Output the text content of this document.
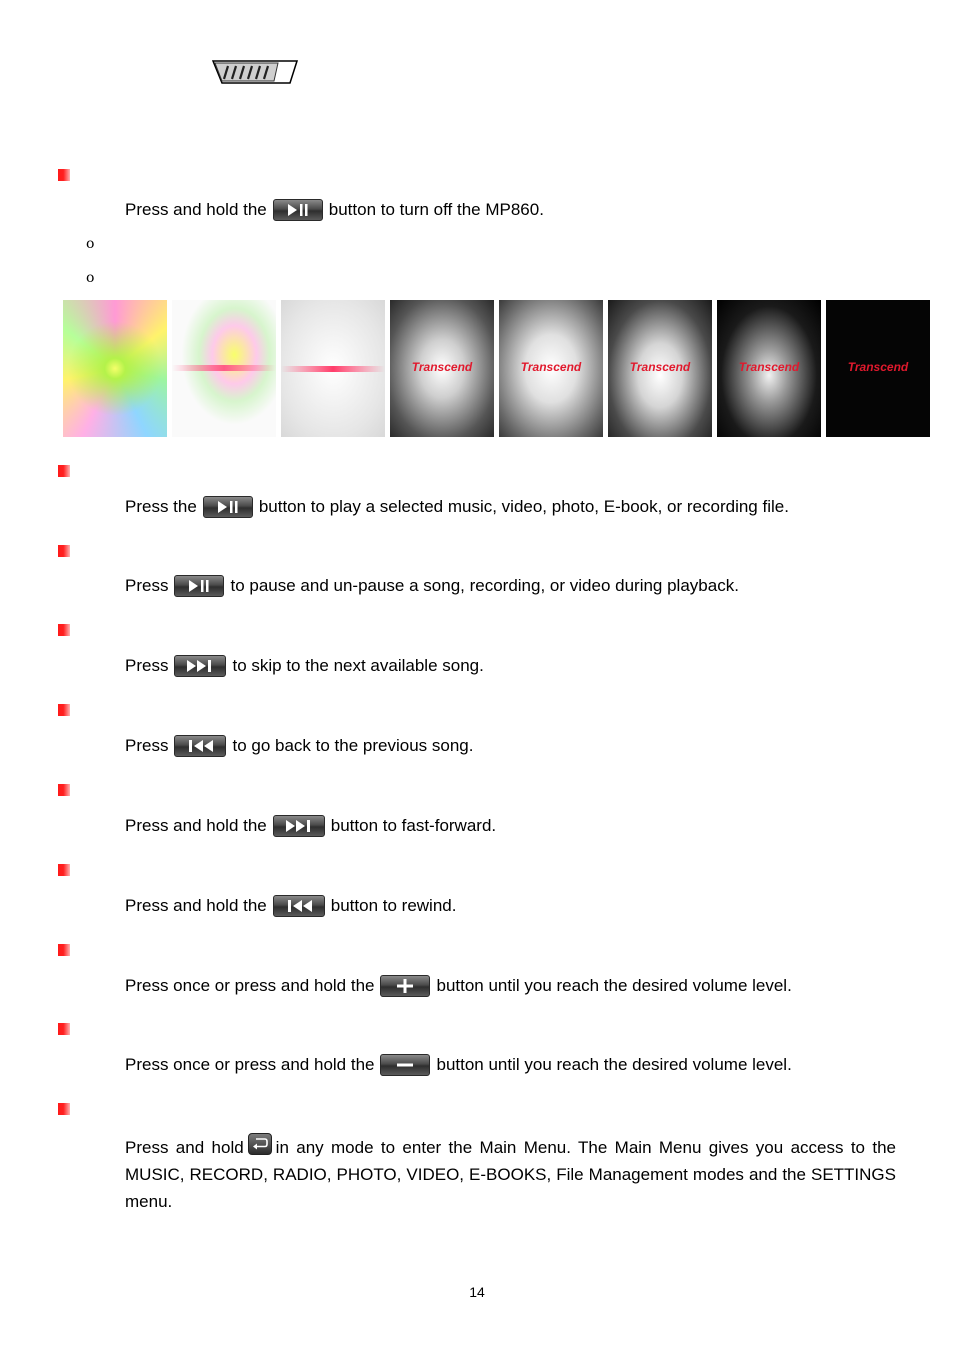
Press and hold the	button to turn off the MP860.
o
o
Transcend	Transcend	Transcend	Transcend	Transcend
Press the	button to play a selected music, video, photo, E-book, or recording file.
Press	to pause and un-pause a song, recording, or video during playback.
Press	to skip to the next available song.
Press	to go back to the previous song.
Press and hold the	button to fast-forward.
Press and hold the	button to rewind.
Press once or press and hold the	button until you reach the desired volume level.
Press once or press and hold the	button until you reach the desired volume level.
Press and hold in any mode to enter the Main Menu. The Main Menu gives you access to the MUSIC, RECORD, RADIO, PHOTO, VIDEO, E-BOOKS, File Management modes and the SETTINGS menu.
14
